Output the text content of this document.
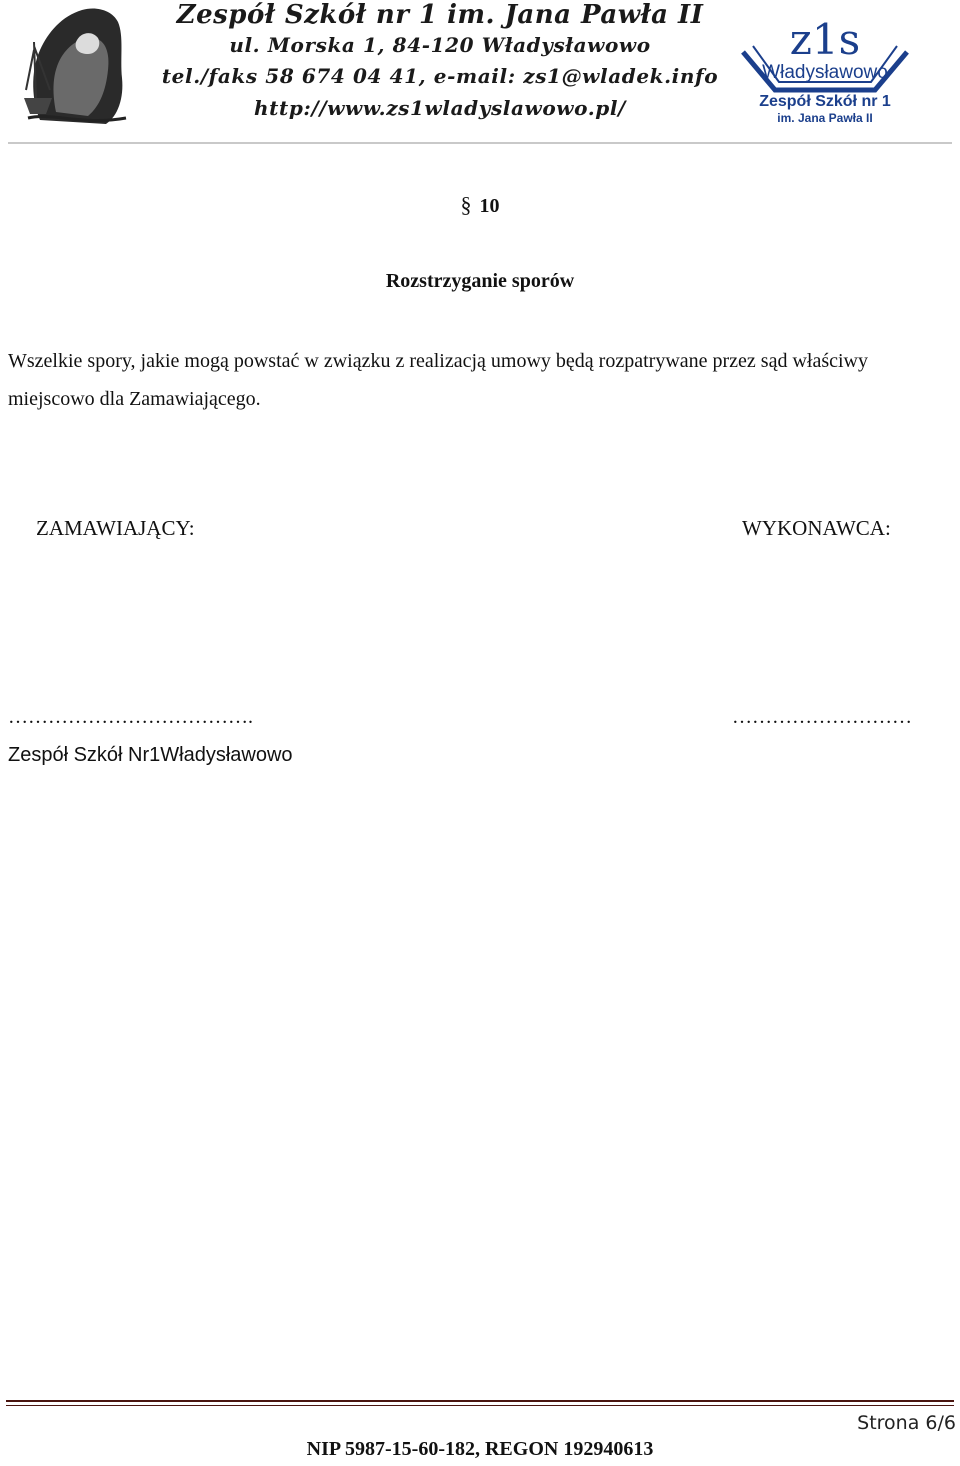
Zespół Szkół nr 1 im. Jana Pawła II
ul. Morska 1, 84-120 Władysławowo
tel./faks 58 674 04 41, e-mail: zs1@wladek.info
http://www.zs1wladyslawowo.pl/
z1s
Władysławowo
Zespół Szkół nr 1
im. Jana Pawła II
§ 10
Rozstrzyganie sporów
Wszelkie spory, jakie mogą powstać w związku z realizacją umowy będą rozpatrywane przez sąd właściwy miejscowo dla Zamawiającego.
ZAMAWIAJĄCY:	WYKONAWCA:
……………………………….	………………………
Zespół Szkół Nr1Władysławowo
Strona 6/6
NIP 5987-15-60-182, REGON 192940613
